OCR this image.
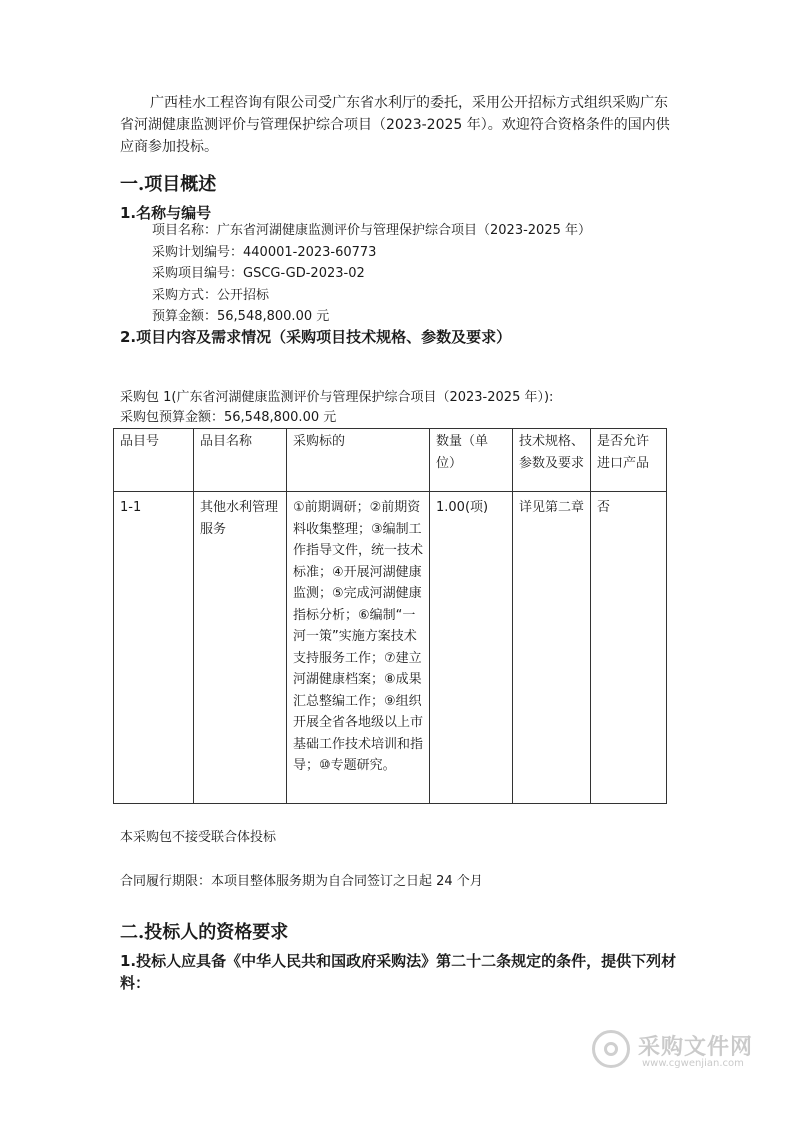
广西桂水工程咨询有限公司受广东省水利厅的委托，采用公开招标方式组织采购广东省河湖健康监测评价与管理保护综合项目（2023-2025 年）。欢迎符合资格条件的国内供应商参加投标。
一.项目概述
1.名称与编号
项目名称：广东省河湖健康监测评价与管理保护综合项目（2023-2025 年）
采购计划编号：440001-2023-60773
采购项目编号：GSCG-GD-2023-02
采购方式：公开招标
预算金额：56,548,800.00 元
2.项目内容及需求情况（采购项目技术规格、参数及要求）
采购包 1(广东省河湖健康监测评价与管理保护综合项目（2023-2025 年）):
采购包预算金额：56,548,800.00 元
品目号	品目名称	采购标的	数量（单位）	技术规格、参数及要求	是否允许进口产品
1-1	其他水利管理服务	①前期调研；②前期资料收集整理；③编制工作指导文件，统一技术标准；④开展河湖健康监测；⑤完成河湖健康指标分析；⑥编制“一河一策”实施方案技术支持服务工作；⑦建立河湖健康档案；⑧成果汇总整编工作；⑨组织开展全省各地级以上市基础工作技术培训和指导；⑩专题研究。	1.00(项)	详见第二章	否
本采购包不接受联合体投标
合同履行期限：本项目整体服务期为自合同签订之日起 24 个月
二.投标人的资格要求
1.投标人应具备《中华人民共和国政府采购法》第二十二条规定的条件，提供下列材料：
采购文件网
www.cgwenjian.com
